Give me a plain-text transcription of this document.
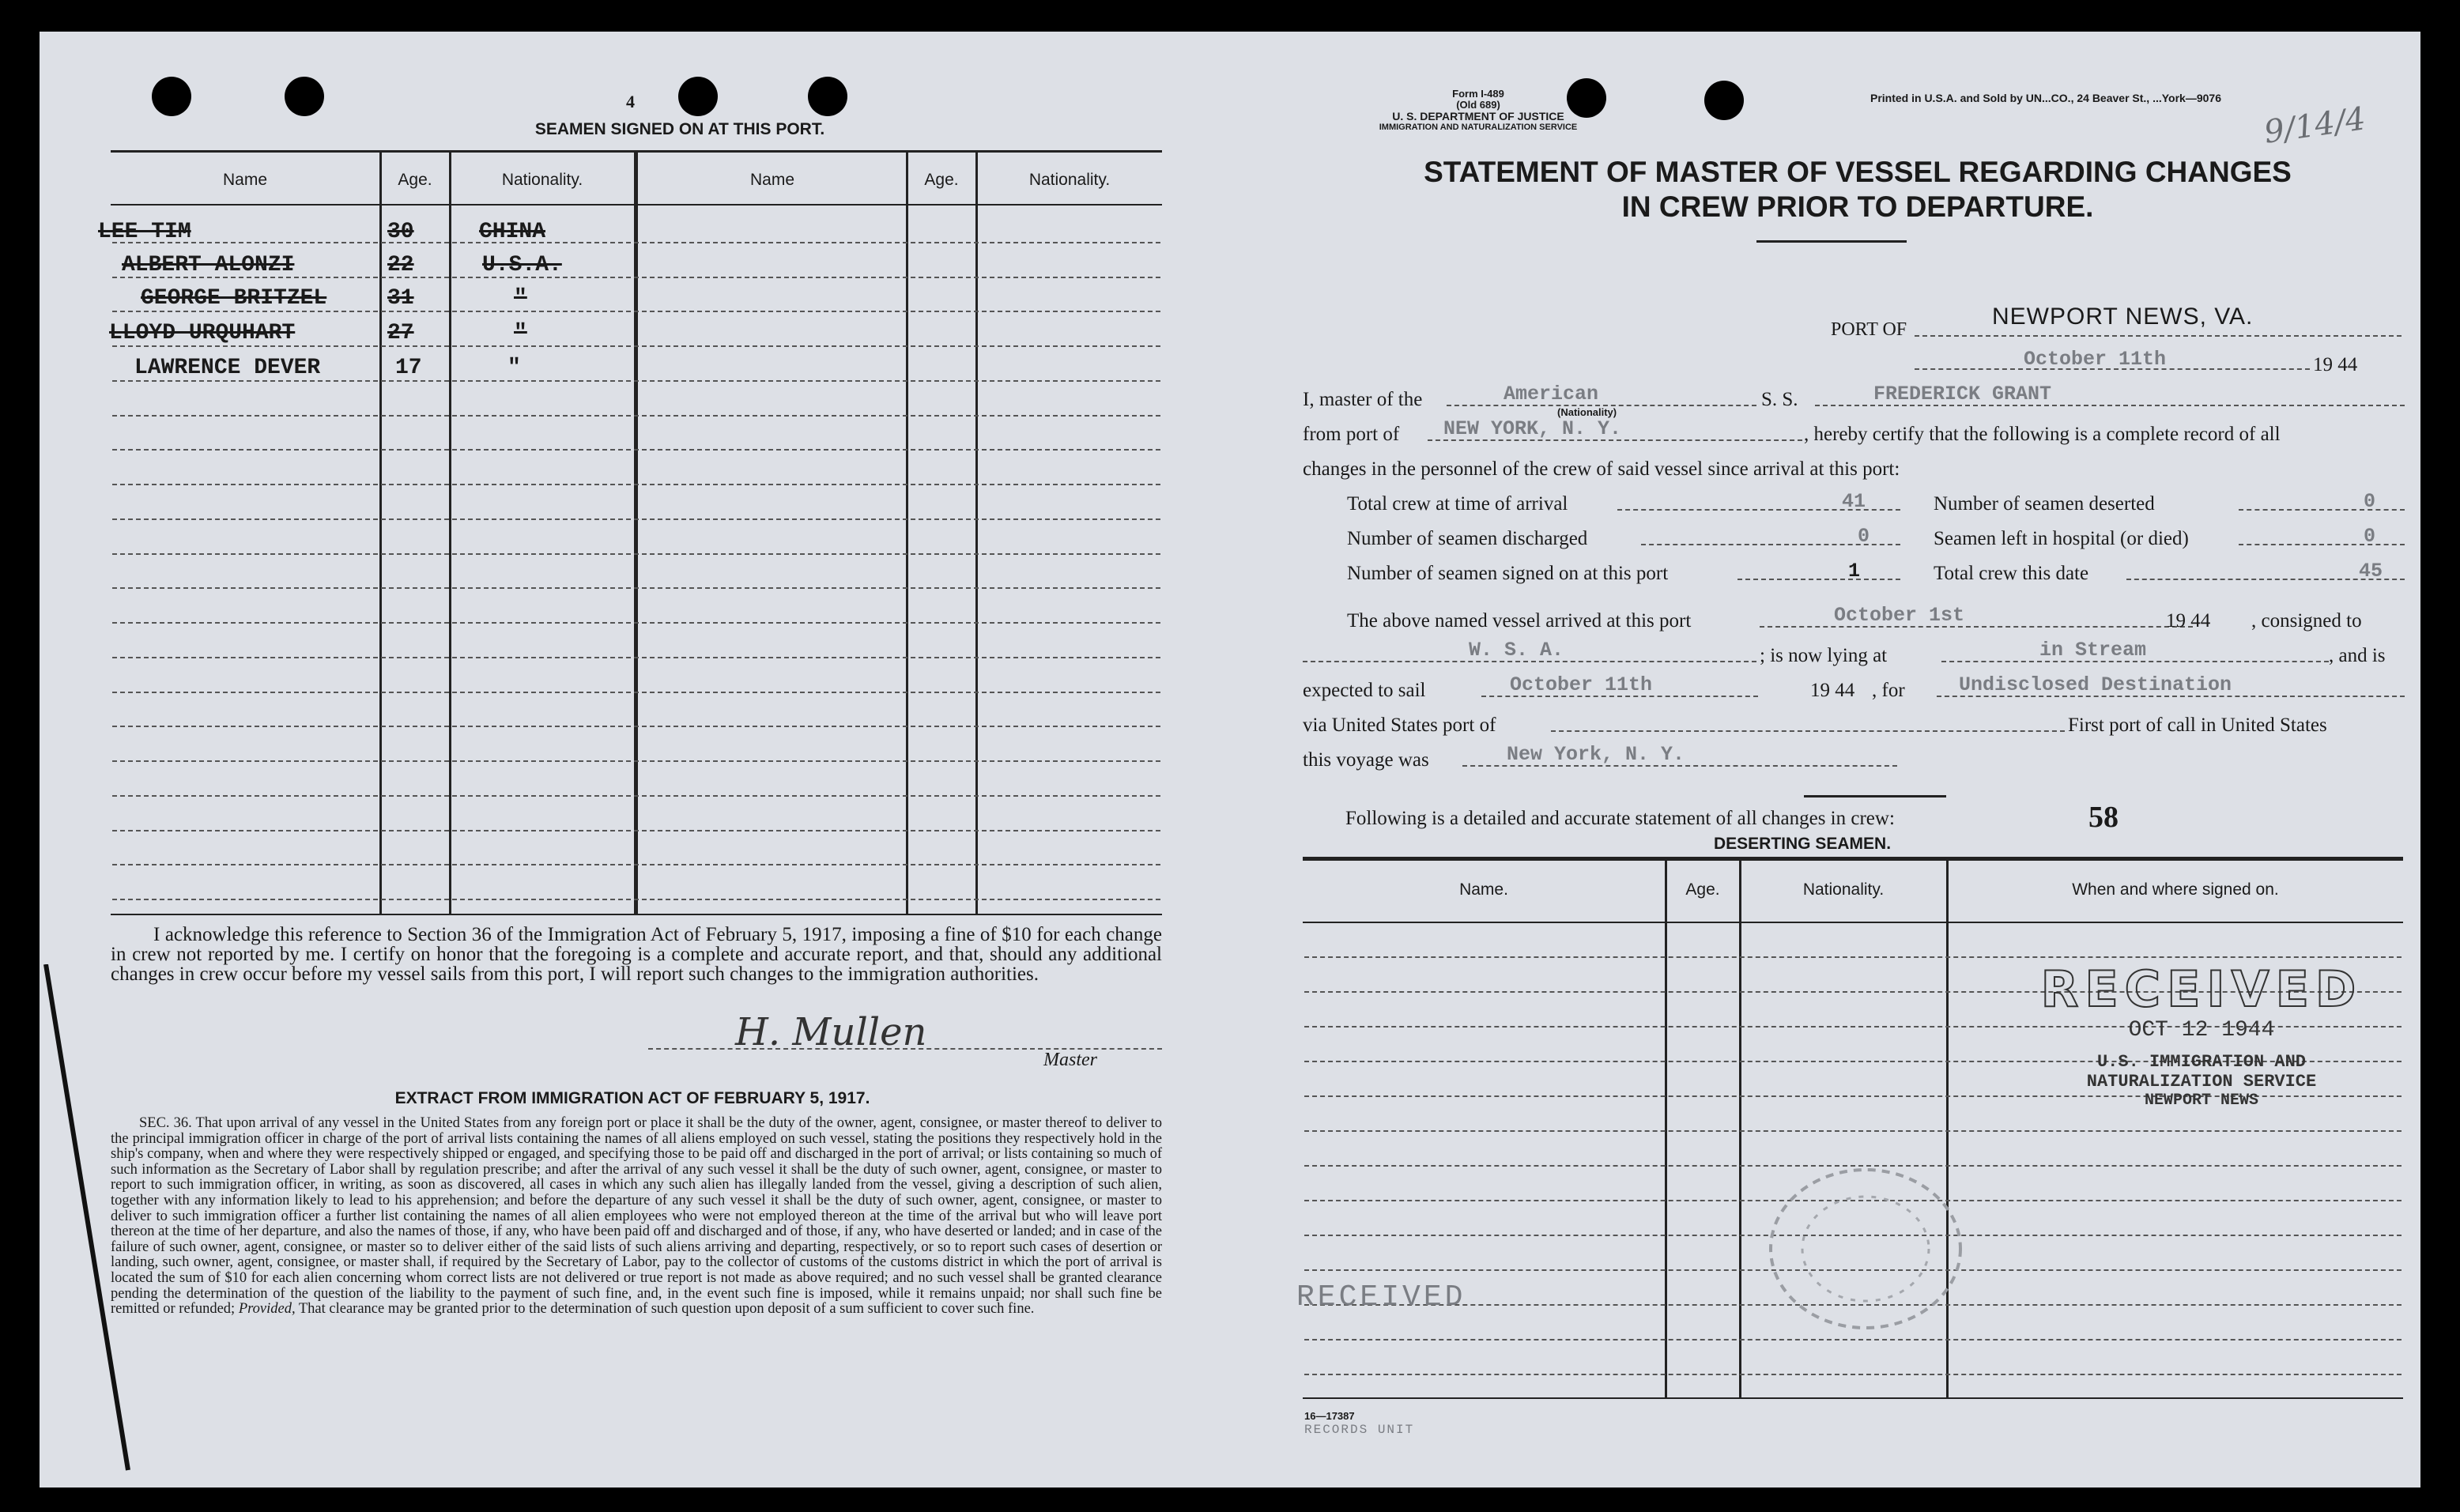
4
SEAMEN SIGNED ON AT THIS PORT.
Name	Age.	Nationality.	Name	Age.	Nationality.
LEE TIM	30	CHINA
ALBERT ALONZI	22	U.S.A.
GEORGE BRITZEL	31	"
LLOYD URQUHART	27	"
LAWRENCE DEVER	17	"
I acknowledge this reference to Section 36 of the Immigration Act of February 5, 1917, imposing a fine of $10 for each change in crew not reported by me. I certify on honor that the foregoing is a complete and accurate report, and that, should any additional changes in crew occur before my vessel sails from this port, I will report such changes to the immigration authorities.
H. Mullen
Master
EXTRACT FROM IMMIGRATION ACT OF FEBRUARY 5, 1917.
SEC. 36. That upon arrival of any vessel in the United States from any foreign port or place it shall be the duty of the owner, agent, consignee, or master thereof to deliver to the principal immigration officer in charge of the port of arrival lists containing the names of all aliens employed on such vessel, stating the positions they respectively hold in the ship's company, when and where they were respectively shipped or engaged, and specifying those to be paid off and discharged in the port of arrival; or lists containing so much of such information as the Secretary of Labor shall by regulation prescribe; and after the arrival of any such vessel it shall be the duty of such owner, agent, consignee, or master to report to such immigration officer, in writing, as soon as discovered, all cases in which any such alien has illegally landed from the vessel, giving a description of such alien, together with any information likely to lead to his apprehension; and before the departure of any such vessel it shall be the duty of such owner, agent, consignee, or master to deliver to such immigration officer a further list containing the names of all alien employees who were not employed thereon at the time of the arrival but who will leave port thereon at the time of her departure, and also the names of those, if any, who have been paid off and discharged and of those, if any, who have deserted or landed; and in case of the failure of such owner, agent, consignee, or master so to deliver either of the said lists of such aliens arriving and departing, respectively, or so to report such cases of desertion or landing, such owner, agent, consignee, or master shall, if required by the Secretary of Labor, pay to the collector of customs of the customs district in which the port of arrival is located the sum of $10 for each alien concerning whom correct lists are not delivered or true report is not made as above required; and no such vessel shall be granted clearance pending the determination of the question of the liability to the payment of such fine, and, in the event such fine is imposed, while it remains unpaid; nor shall such fine be remitted or refunded; Provided, That clearance may be granted prior to the determination of such question upon deposit of a sum sufficient to cover such fine.
Form I-489
(Old 689)
U. S. DEPARTMENT OF JUSTICE
IMMIGRATION AND NATURALIZATION SERVICE
Printed in U.S.A. and Sold by UN...CO., 24 Beaver St., ...York—9076
9/14/4
STATEMENT OF MASTER OF VESSEL REGARDING CHANGES
IN CREW PRIOR TO DEPARTURE.
PORT OF	NEWPORT NEWS, VA.
October 11th	19 44
I, master of the	American
(Nationality)
S. S.	FREDERICK GRANT
from port of NEW YORK, N. Y.	, hereby certify that the following is a complete record of all
changes in the personnel of the crew of said vessel since arrival at this port:
Total crew at time of arrival	41
Number of seamen discharged	0
Number of seamen signed on at this port	1
Number of seamen deserted	0
Seamen left in hospital (or died)	0
Total crew this date	45
The above named vessel arrived at this port	October 1st	19 44 , consigned to
W. S. A.	; is now lying at	in Stream	, and is
expected to sail	October 11th	19 44 , for	Undisclosed Destination
via United States port of	First port of call in United States
this voyage was	New York, N. Y.
Following is a detailed and accurate statement of all changes in crew:	58
DESERTING SEAMEN.
Name.	Age.	Nationality.	When and where signed on.
RECEIVED
OCT 12 1944
U.S. IMMIGRATION AND
NATURALIZATION SERVICE
NEWPORT NEWS
RECEIVED
16—17387
RECORDS UNIT
